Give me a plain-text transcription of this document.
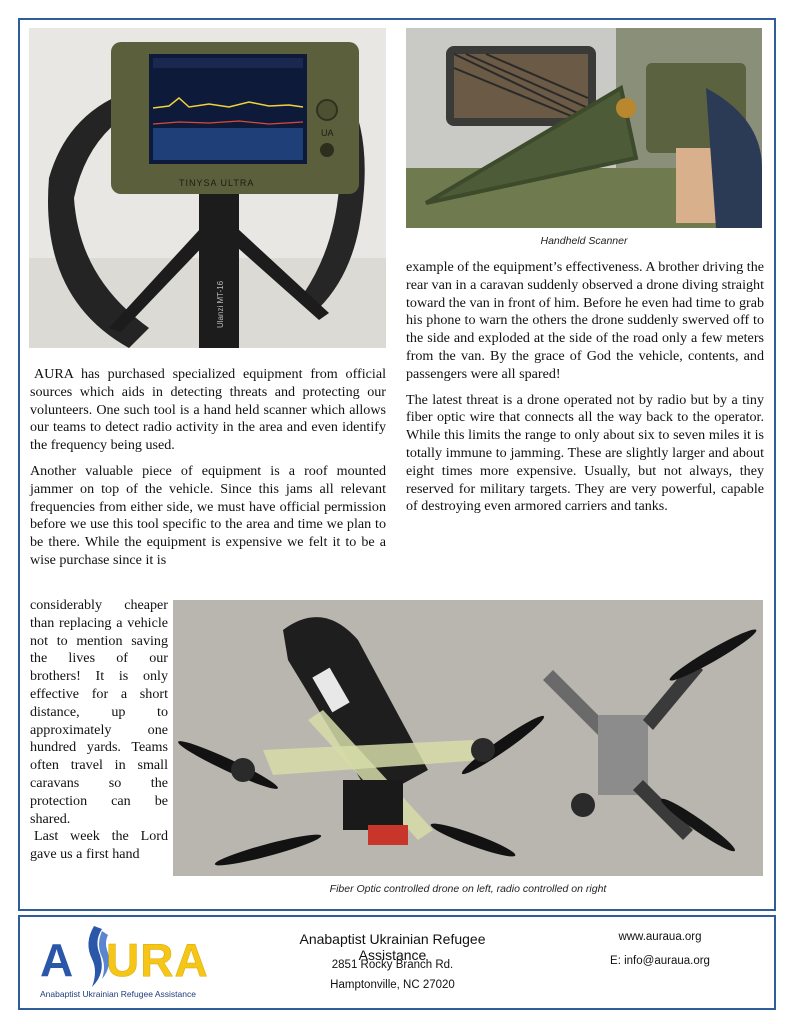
UA
TINYSA ULTRA
Ulanzi MT-16
Handheld Scanner

AURA has purchased specialized equipment from official sources which aids in detecting threats and protecting our volunteers. One such tool is a hand held scanner which allows our teams to detect radio activity in the area and even identify the frequency being used.

Another valuable piece of equipment is a roof mounted jammer on top of the vehicle. Since this jams all relevant frequencies from either side, we must have official permission before we use this tool specific to the area and time we plan to be there. While the equipment is expensive we felt it to be a wise purchase since it is

considerably cheaper than replacing a vehicle not to mention saving the lives of our brothers! It is only effective for a short distance, up to approximately one hundred yards. Teams often travel in small caravans so the protection can be shared.

Last week the Lord gave us a first hand

example of the equipment’s effectiveness. A brother driving the rear van in a caravan suddenly observed a drone diving straight toward the van in front of him. Before he even had time to grab his phone to warn the others the drone suddenly swerved off to the side and exploded at the side of the road only a few meters from the van. By the grace of God the vehicle, contents, and passengers were all spared!

The latest threat is a drone operated not by radio but by a tiny fiber optic wire that connects all the way back to the operator. While this limits the range to only about six to seven miles it is totally immune to jamming. These are slightly larger and about eight times more expensive. Usually, but not always, they reserved for military targets. They are very powerful, capable of destroying even armored carriers and tanks.

Fiber Optic controlled drone on left, radio controlled on right
A URA
Anabaptist Ukrainian Refugee Assistance
Anabaptist Ukrainian Refugee Assistance
2851 Rocky Branch Rd.
Hamptonville, NC 27020
www.auraua.org
E: info@auraua.org
